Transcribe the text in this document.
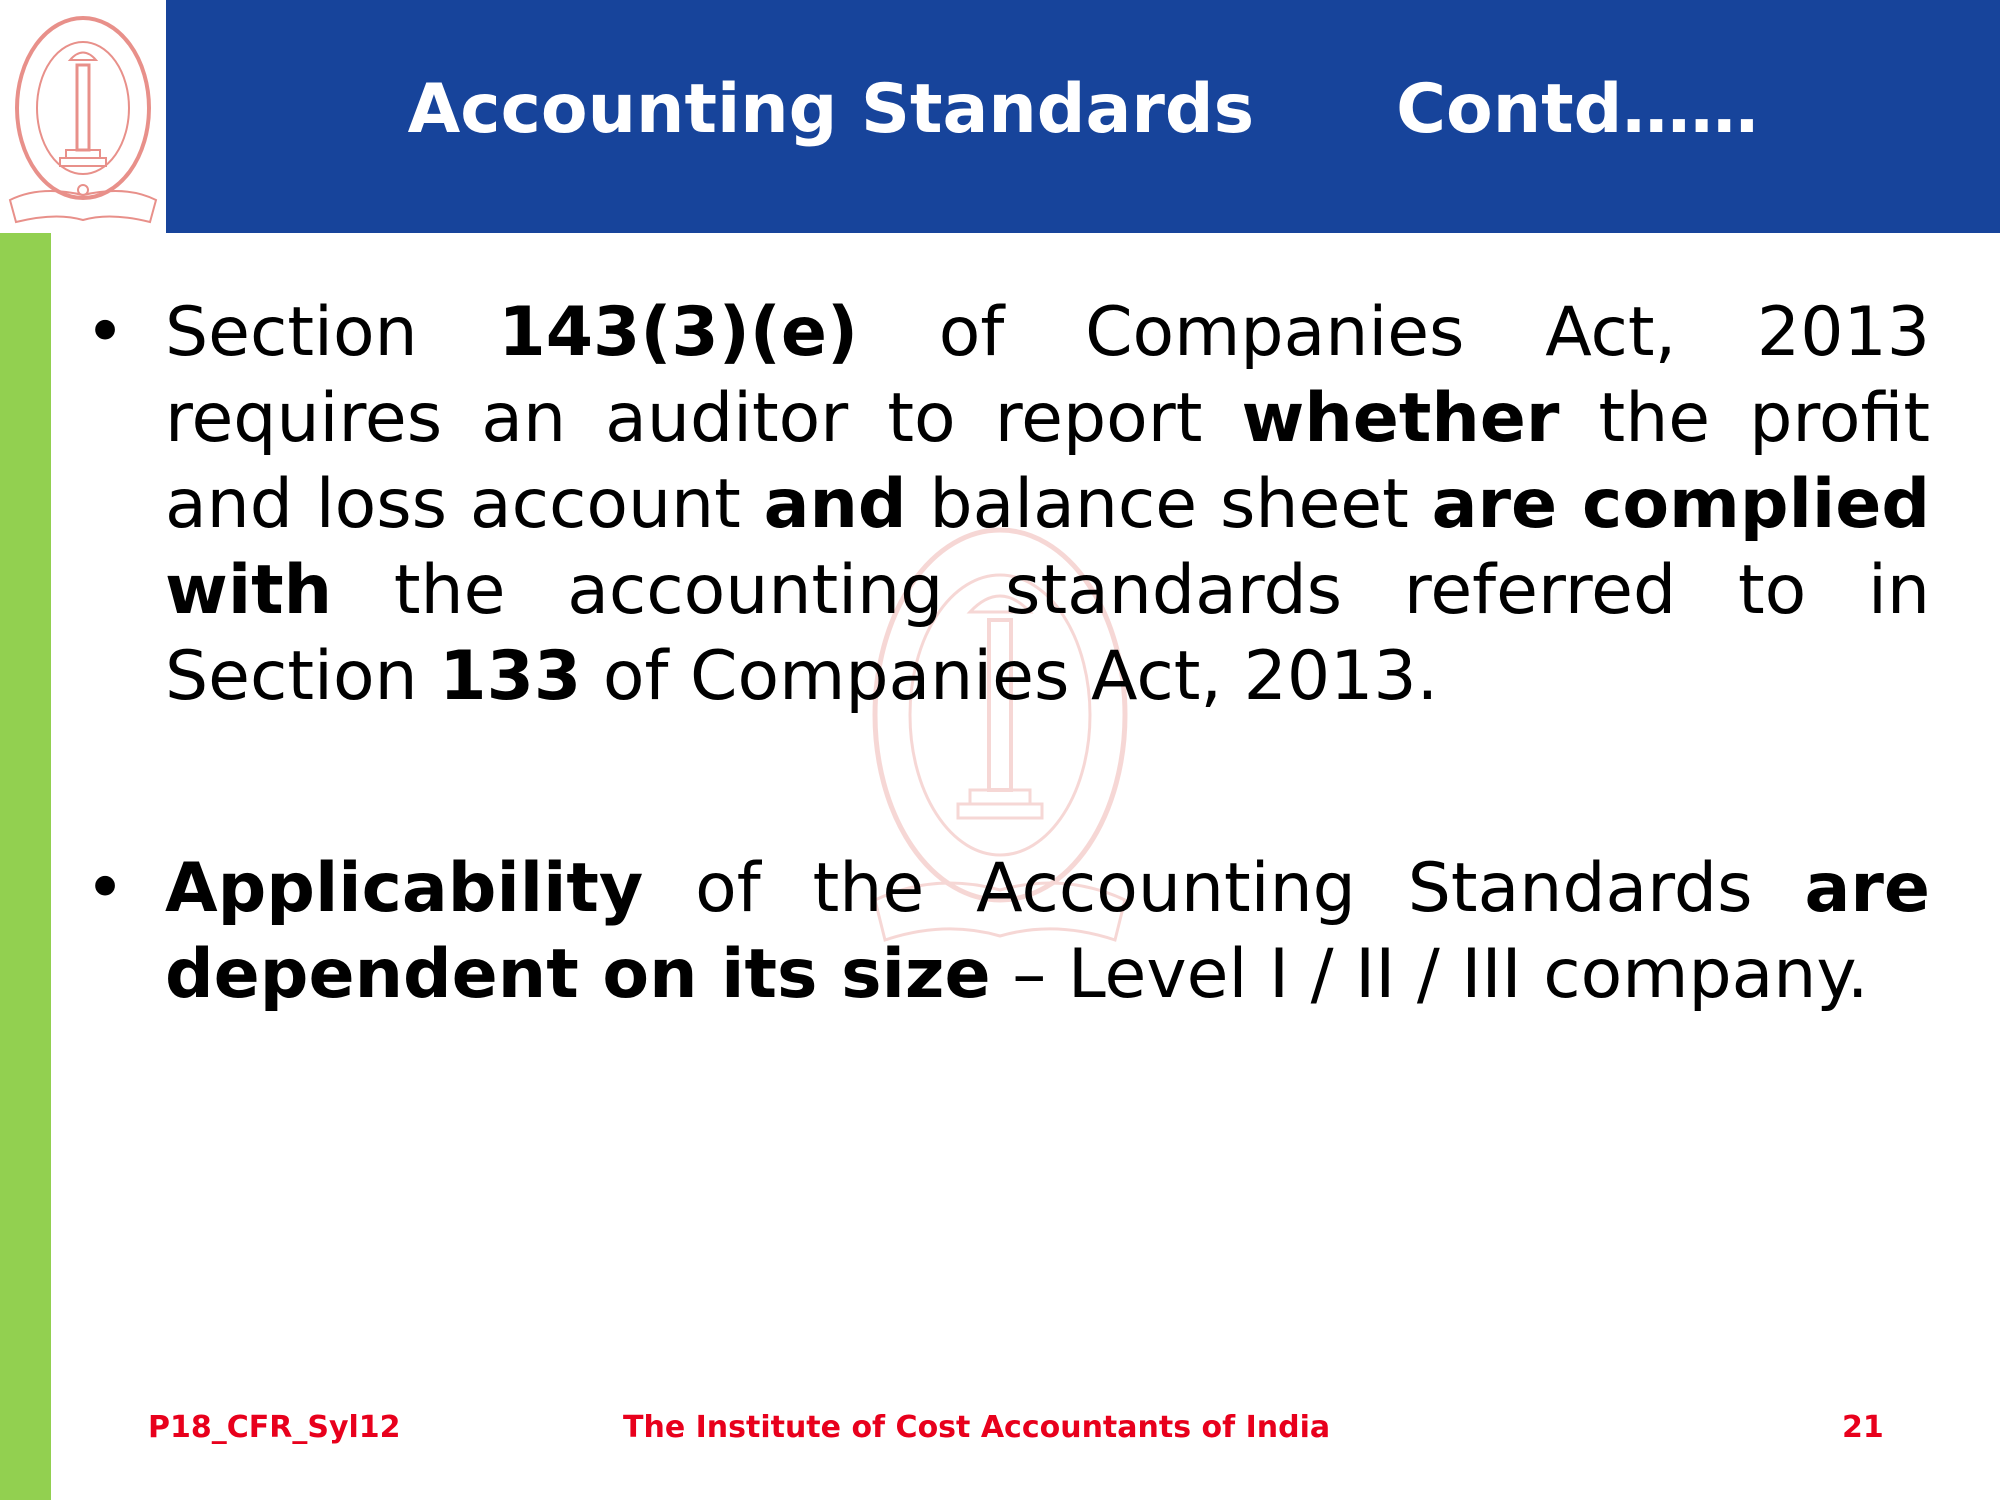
Accounting Standards      Contd……
• Section 143(3)(e) of Companies Act, 2013 requires an auditor to report whether the profit and loss account and balance sheet are complied with the accounting standards referred to in Section 133 of Companies Act, 2013.
• Applicability of the Accounting Standards are dependent on its size – Level I / II / III company.
P18_CFR_Syl12	The Institute of Cost Accountants of India	21
